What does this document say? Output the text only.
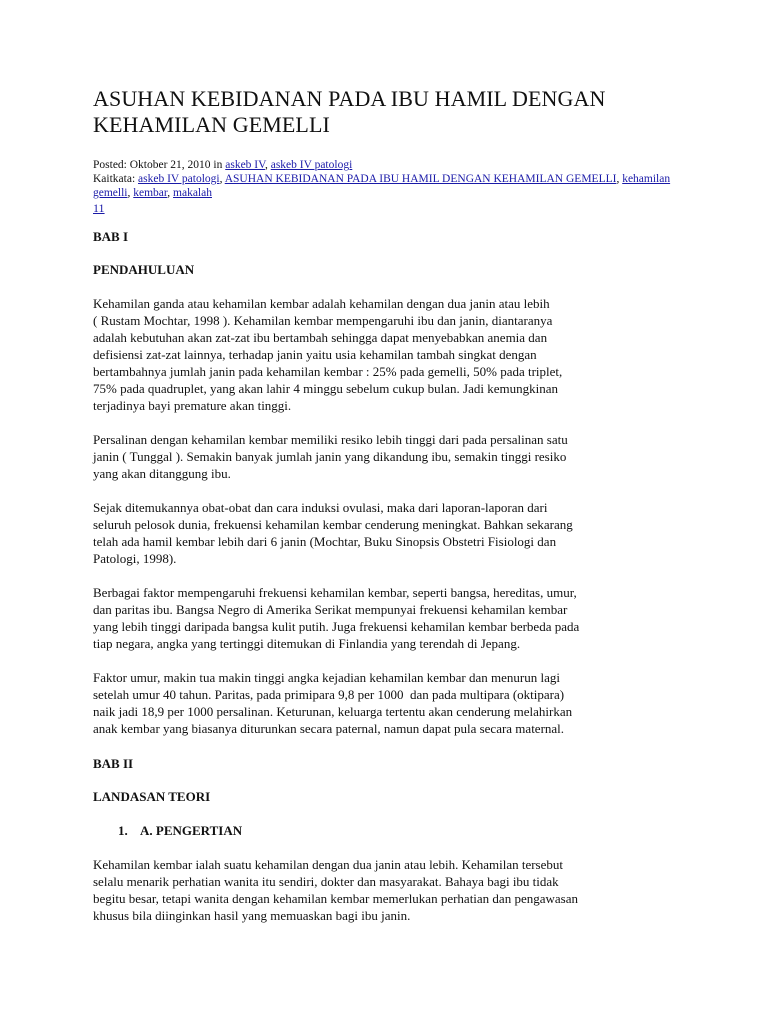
ASUHAN KEBIDANAN PADA IBU HAMIL DENGAN
KEHAMILAN GEMELLI
Posted: Oktober 21, 2010 in askeb IV, askeb IV patologi
Kaitkata: askeb IV patologi, ASUHAN KEBIDANAN PADA IBU HAMIL DENGAN KEHAMILAN GEMELLI, kehamilan gemelli, kembar, makalah
11
BAB I
PENDAHULUAN

Kehamilan ganda atau kehamilan kembar adalah kehamilan dengan dua janin atau lebih
( Rustam Mochtar, 1998 ). Kehamilan kembar mempengaruhi ibu dan janin, diantaranya
adalah kebutuhan akan zat-zat ibu bertambah sehingga dapat menyebabkan anemia dan
defisiensi zat-zat lainnya, terhadap janin yaitu usia kehamilan tambah singkat dengan
bertambahnya jumlah janin pada kehamilan kembar : 25% pada gemelli, 50% pada triplet,
75% pada quadruplet, yang akan lahir 4 minggu sebelum cukup bulan. Jadi kemungkinan
terjadinya bayi premature akan tinggi.

Persalinan dengan kehamilan kembar memiliki resiko lebih tinggi dari pada persalinan satu
janin ( Tunggal ). Semakin banyak jumlah janin yang dikandung ibu, semakin tinggi resiko
yang akan ditanggung ibu.

Sejak ditemukannya obat-obat dan cara induksi ovulasi, maka dari laporan-laporan dari
seluruh pelosok dunia, frekuensi kehamilan kembar cenderung meningkat. Bahkan sekarang
telah ada hamil kembar lebih dari 6 janin (Mochtar, Buku Sinopsis Obstetri Fisiologi dan
Patologi, 1998).

Berbagai faktor mempengaruhi frekuensi kehamilan kembar, seperti bangsa, hereditas, umur,
dan paritas ibu. Bangsa Negro di Amerika Serikat mempunyai frekuensi kehamilan kembar
yang lebih tinggi daripada bangsa kulit putih. Juga frekuensi kehamilan kembar berbeda pada
tiap negara, angka yang tertinggi ditemukan di Finlandia yang terendah di Jepang.

Faktor umur, makin tua makin tinggi angka kejadian kehamilan kembar dan menurun lagi
setelah umur 40 tahun. Paritas, pada primipara 9,8 per 1000  dan pada multipara (oktipara)
naik jadi 18,9 per 1000 persalinan. Keturunan, keluarga tertentu akan cenderung melahirkan
anak kembar yang biasanya diturunkan secara paternal, namun dapat pula secara maternal.

BAB II
LANDASAN TEORI
1. A. PENGERTIAN

Kehamilan kembar ialah suatu kehamilan dengan dua janin atau lebih. Kehamilan tersebut
selalu menarik perhatian wanita itu sendiri, dokter dan masyarakat. Bahaya bagi ibu tidak
begitu besar, tetapi wanita dengan kehamilan kembar memerlukan perhatian dan pengawasan
khusus bila diinginkan hasil yang memuaskan bagi ibu janin.
